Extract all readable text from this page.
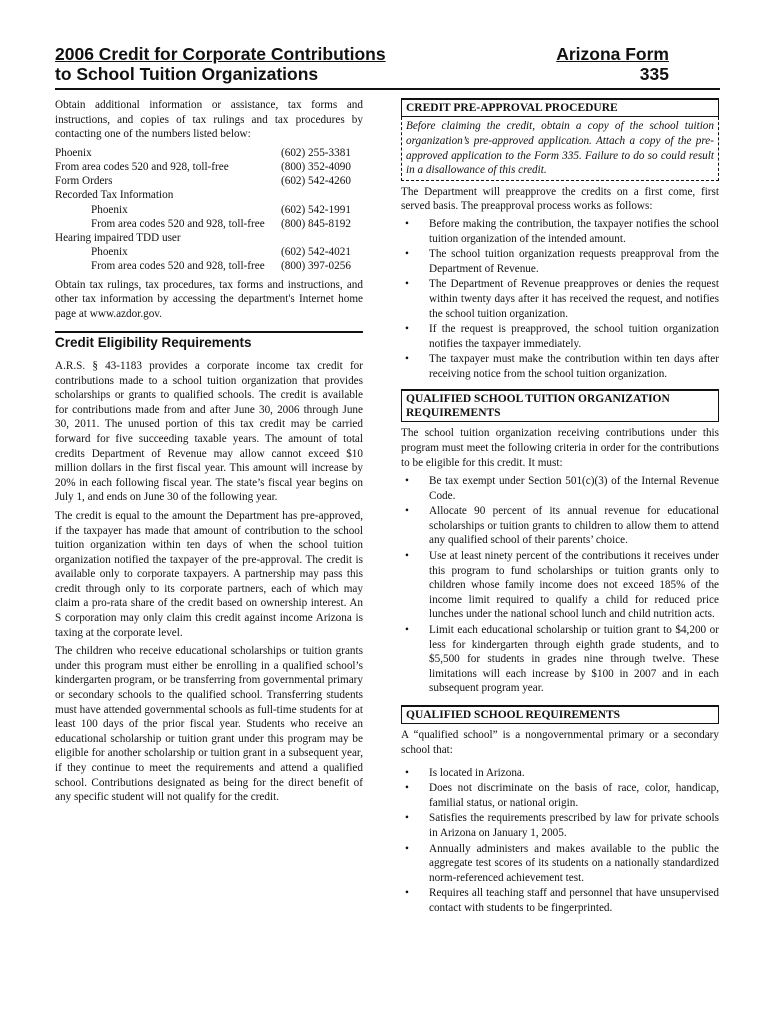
2006 Credit for Corporate Contributions
to School Tuition Organizations
Arizona Form
335

Obtain additional information or assistance, tax forms and instructions, and copies of tax rulings and tax procedures by contacting one of the numbers listed below:

Phoenix	(602) 255-3381
From area codes 520 and 928, toll-free	(800) 352-4090
Form Orders	(602) 542-4260
Recorded Tax Information	
Phoenix	(602) 542-1991
From area codes 520 and 928, toll-free	(800) 845-8192
Hearing impaired TDD user	
Phoenix	(602) 542-4021
From area codes 520 and 928, toll-free	(800) 397-0256

Obtain tax rulings, tax procedures, tax forms and instructions, and other tax information by accessing the department's Internet home page at www.azdor.gov.

Credit Eligibility Requirements

A.R.S. § 43-1183 provides a corporate income tax credit for contributions made to a school tuition organization that provides scholarships or grants to qualified schools. The credit is available for contributions made from and after June 30, 2006 through June 30, 2011. The unused portion of this tax credit may be carried forward for five succeeding taxable years. The amount of total credits Department of Revenue may allow cannot exceed $10 million dollars in the first fiscal year. This amount will increase by 20% in each following fiscal year. The state’s fiscal year begins on July 1, and ends on June 30 of the following year.

The credit is equal to the amount the Department has pre-approved, if the taxpayer has made that amount of contribution to the school tuition organization within ten days of when the school tuition organization notified the taxpayer of the pre-approval. The credit is available only to corporate taxpayers. A partnership may pass this credit through only to its corporate partners, each of which may claim a pro-rata share of the credit based on ownership interest. An S corporation may only claim this credit against income Arizona is taxing at the corporate level.

The children who receive educational scholarships or tuition grants under this program must either be enrolling in a qualified school’s kindergarten program, or be transferring from governmental primary or secondary schools to the qualified school. Transferring students must have attended governmental schools as full-time students for at least 100 days of the prior fiscal year. Students who receive an educational scholarship or tuition grant under this program may be eligible for another scholarship or tuition grant in a subsequent year, if they continue to meet the requirements and attend a qualified school. Contributions designated as being for the direct benefit of any specific student will not qualify for the credit.

CREDIT PRE-APPROVAL PROCEDURE

Before claiming the credit, obtain a copy of the school tuition organization’s pre-approved application. Attach a copy of the pre-approved application to the Form 335. Failure to do so could result in a disallowance of this credit.

The Department will preapprove the credits on a first come, first served basis. The preapproval process works as follows:

• Before making the contribution, the taxpayer notifies the school tuition organization of the intended amount.
• The school tuition organization requests preapproval from the Department of Revenue.
• The Department of Revenue preapproves or denies the request within twenty days after it has received the request, and notifies the school tuition organization.
• If the request is preapproved, the school tuition organization notifies the taxpayer immediately.
• The taxpayer must make the contribution within ten days after receiving notice from the school tuition organization.
QUALIFIED SCHOOL TUITION ORGANIZATION REQUIREMENTS

The school tuition organization receiving contributions under this program must meet the following criteria in order for the contributions to be eligible for this credit. It must:

• Be tax exempt under Section 501(c)(3) of the Internal Revenue Code.
• Allocate 90 percent of its annual revenue for educational scholarships or tuition grants to children to allow them to attend any qualified school of their parents’ choice.
• Use at least ninety percent of the contributions it receives under this program to fund scholarships or tuition grants only to children whose family income does not exceed 185% of the income limit required to qualify a child for reduced price lunches under the national school lunch and child nutrition acts.
• Limit each educational scholarship or tuition grant to $4,200 or less for kindergarten through eighth grade students, and to $5,500 for students in grades nine through twelve. These limitations will each increase by $100 in 2007 and in each subsequent program year.
QUALIFIED SCHOOL REQUIREMENTS

A “qualified school” is a nongovernmental primary or a secondary school that:

• Is located in Arizona.
• Does not discriminate on the basis of race, color, handicap, familial status, or national origin.
• Satisfies the requirements prescribed by law for private schools in Arizona on January 1, 2005.
• Annually administers and makes available to the public the aggregate test scores of its students on a nationally standardized norm-referenced achievement test.
• Requires all teaching staff and personnel that have unsupervised contact with students to be fingerprinted.
